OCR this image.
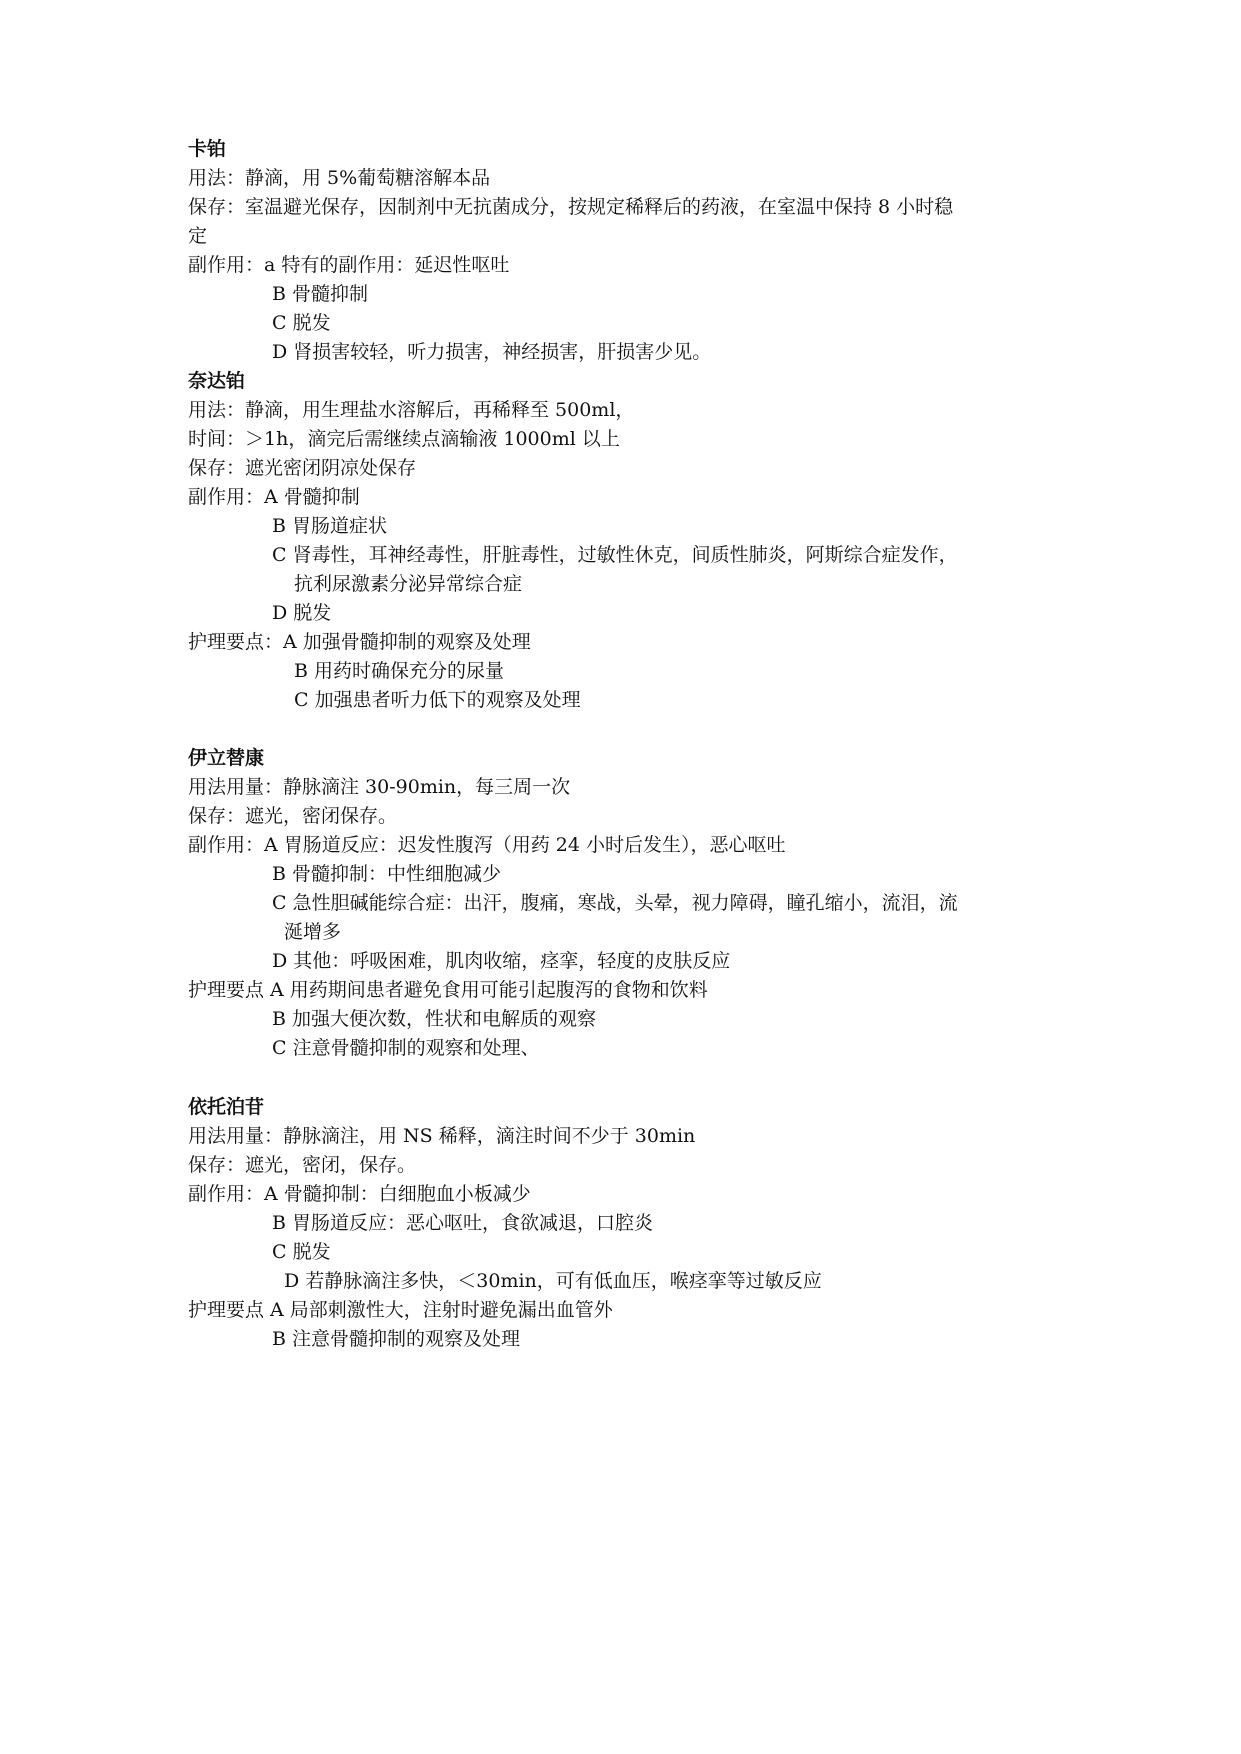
卡铂
用法：静滴，用 5%葡萄糖溶解本品
保存：室温避光保存，因制剂中无抗菌成分，按规定稀释后的药液，在室温中保持 8 小时稳
定
副作用：a 特有的副作用：延迟性呕吐
B 骨髓抑制
C 脱发
D 肾损害较轻，听力损害，神经损害，肝损害少见。
奈达铂
用法：静滴，用生理盐水溶解后，再稀释至 500ml，
时间：＞1h，滴完后需继续点滴输液 1000ml 以上
保存：遮光密闭阴凉处保存
副作用：A 骨髓抑制
B 胃肠道症状
C 肾毒性，耳神经毒性，肝脏毒性，过敏性休克，间质性肺炎，阿斯综合症发作，
抗利尿激素分泌异常综合症
D 脱发
护理要点：A 加强骨髓抑制的观察及处理
B 用药时确保充分的尿量
C 加强患者听力低下的观察及处理
伊立替康
用法用量：静脉滴注 30-90min，每三周一次
保存：遮光，密闭保存。
副作用：A 胃肠道反应：迟发性腹泻（用药 24 小时后发生），恶心呕吐
B 骨髓抑制：中性细胞减少
C 急性胆碱能综合症：出汗，腹痛，寒战，头晕，视力障碍，瞳孔缩小，流泪，流
涎增多
D 其他：呼吸困难，肌肉收缩，痉挛，轻度的皮肤反应
护理要点 A 用药期间患者避免食用可能引起腹泻的食物和饮料
B 加强大便次数，性状和电解质的观察
C 注意骨髓抑制的观察和处理、
依托泊苷
用法用量：静脉滴注，用 NS 稀释，滴注时间不少于 30min
保存：遮光，密闭，保存。
副作用：A 骨髓抑制：白细胞血小板减少
B 胃肠道反应：恶心呕吐，食欲减退，口腔炎
C 脱发
D 若静脉滴注多快，＜30min，可有低血压，喉痉挛等过敏反应
护理要点 A 局部刺激性大，注射时避免漏出血管外
B 注意骨髓抑制的观察及处理
